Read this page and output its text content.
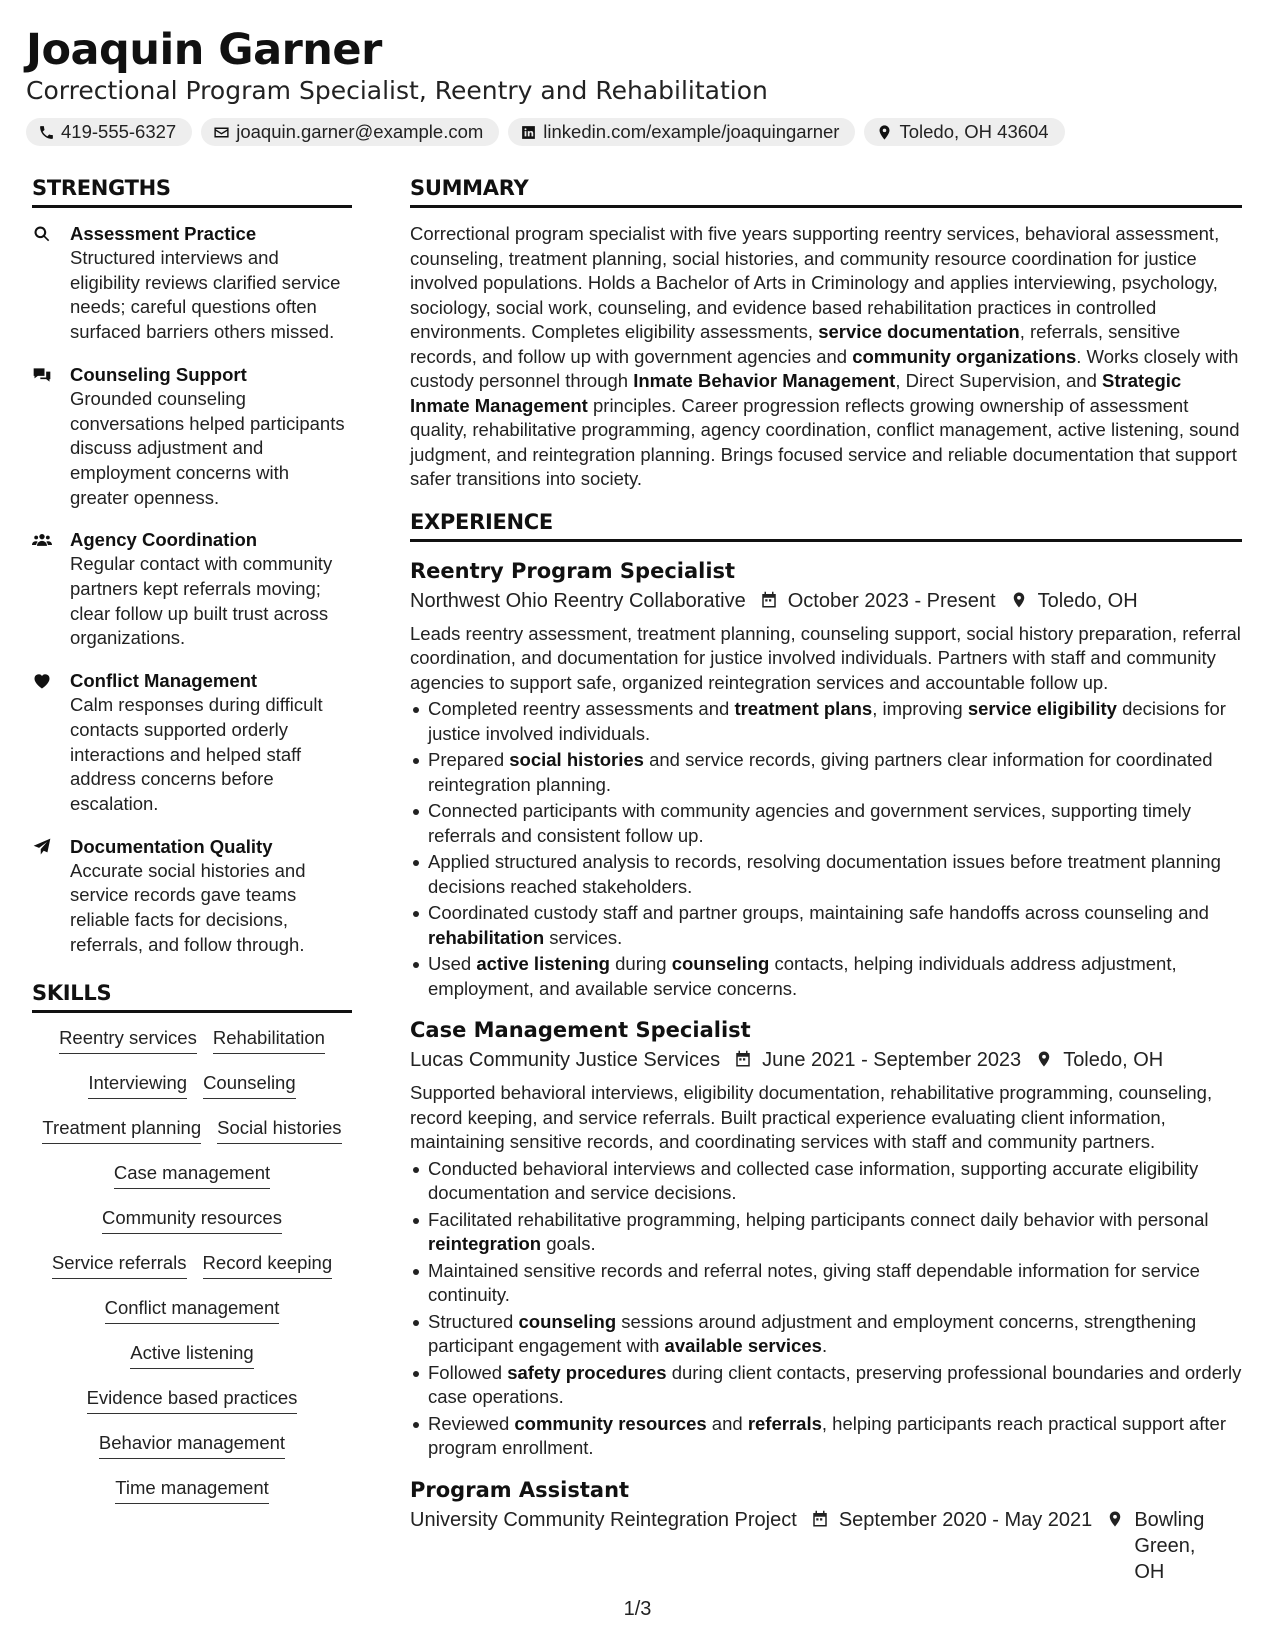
Joaquin Garner
Correctional Program Specialist, Reentry and Rehabilitation
419-555-6327	joaquin.garner@example.com	linkedin.com/example/joaquingarner	Toledo, OH 43604
STRENGTHS
Assessment Practice
Structured interviews and eligibility reviews clarified service needs; careful questions often surfaced barriers others missed.
Counseling Support
Grounded counseling conversations helped participants discuss adjustment and employment concerns with greater openness.
Agency Coordination
Regular contact with community partners kept referrals moving; clear follow up built trust across organizations.
Conflict Management
Calm responses during difficult contacts supported orderly interactions and helped staff address concerns before escalation.
Documentation Quality
Accurate social histories and service records gave teams reliable facts for decisions, referrals, and follow through.
SKILLS
Reentry services Rehabilitation
Interviewing Counseling
Treatment planning Social histories
Case management
Community resources
Service referrals Record keeping
Conflict management
Active listening
Evidence based practices
Behavior management
Time management
SUMMARY

Correctional program specialist with five years supporting reentry services, behavioral assessment, counseling, treatment planning, social histories, and community resource coordination for justice involved populations. Holds a Bachelor of Arts in Criminology and applies interviewing, psychology, sociology, social work, counseling, and evidence based rehabilitation practices in controlled environments. Completes eligibility assessments, service documentation, referrals, sensitive records, and follow up with government agencies and community organizations. Works closely with custody personnel through Inmate Behavior Management, Direct Supervision, and Strategic Inmate Management principles. Career progression reflects growing ownership of assessment quality, rehabilitative programming, agency coordination, conflict management, active listening, sound judgment, and reintegration planning. Brings focused service and reliable documentation that support safer transitions into society.

EXPERIENCE
Reentry Program Specialist
Northwest Ohio Reentry Collaborative October 2023 - Present Toledo, OH

Leads reentry assessment, treatment planning, counseling support, social history preparation, referral coordination, and documentation for justice involved individuals. Partners with staff and community agencies to support safe, organized reintegration services and accountable follow up.

Completed reentry assessments and treatment plans, improving service eligibility decisions for justice involved individuals.
Prepared social histories and service records, giving partners clear information for coordinated reintegration planning.
Connected participants with community agencies and government services, supporting timely referrals and consistent follow up.
Applied structured analysis to records, resolving documentation issues before treatment planning decisions reached stakeholders.
Coordinated custody staff and partner groups, maintaining safe handoffs across counseling and rehabilitation services.
Used active listening during counseling contacts, helping individuals address adjustment, employment, and available service concerns.
Case Management Specialist
Lucas Community Justice Services June 2021 - September 2023 Toledo, OH

Supported behavioral interviews, eligibility documentation, rehabilitative programming, counseling, record keeping, and service referrals. Built practical experience evaluating client information, maintaining sensitive records, and coordinating services with staff and community partners.

Conducted behavioral interviews and collected case information, supporting accurate eligibility documentation and service decisions.
Facilitated rehabilitative programming, helping participants connect daily behavior with personal reintegration goals.
Maintained sensitive records and referral notes, giving staff dependable information for service continuity.
Structured counseling sessions around adjustment and employment concerns, strengthening participant engagement with available services.
Followed safety procedures during client contacts, preserving professional boundaries and orderly case operations.
Reviewed community resources and referrals, helping participants reach practical support after program enrollment.
Program Assistant
University Community Reintegration Project September 2020 - May 2021 Bowling Green, OH
1/3
